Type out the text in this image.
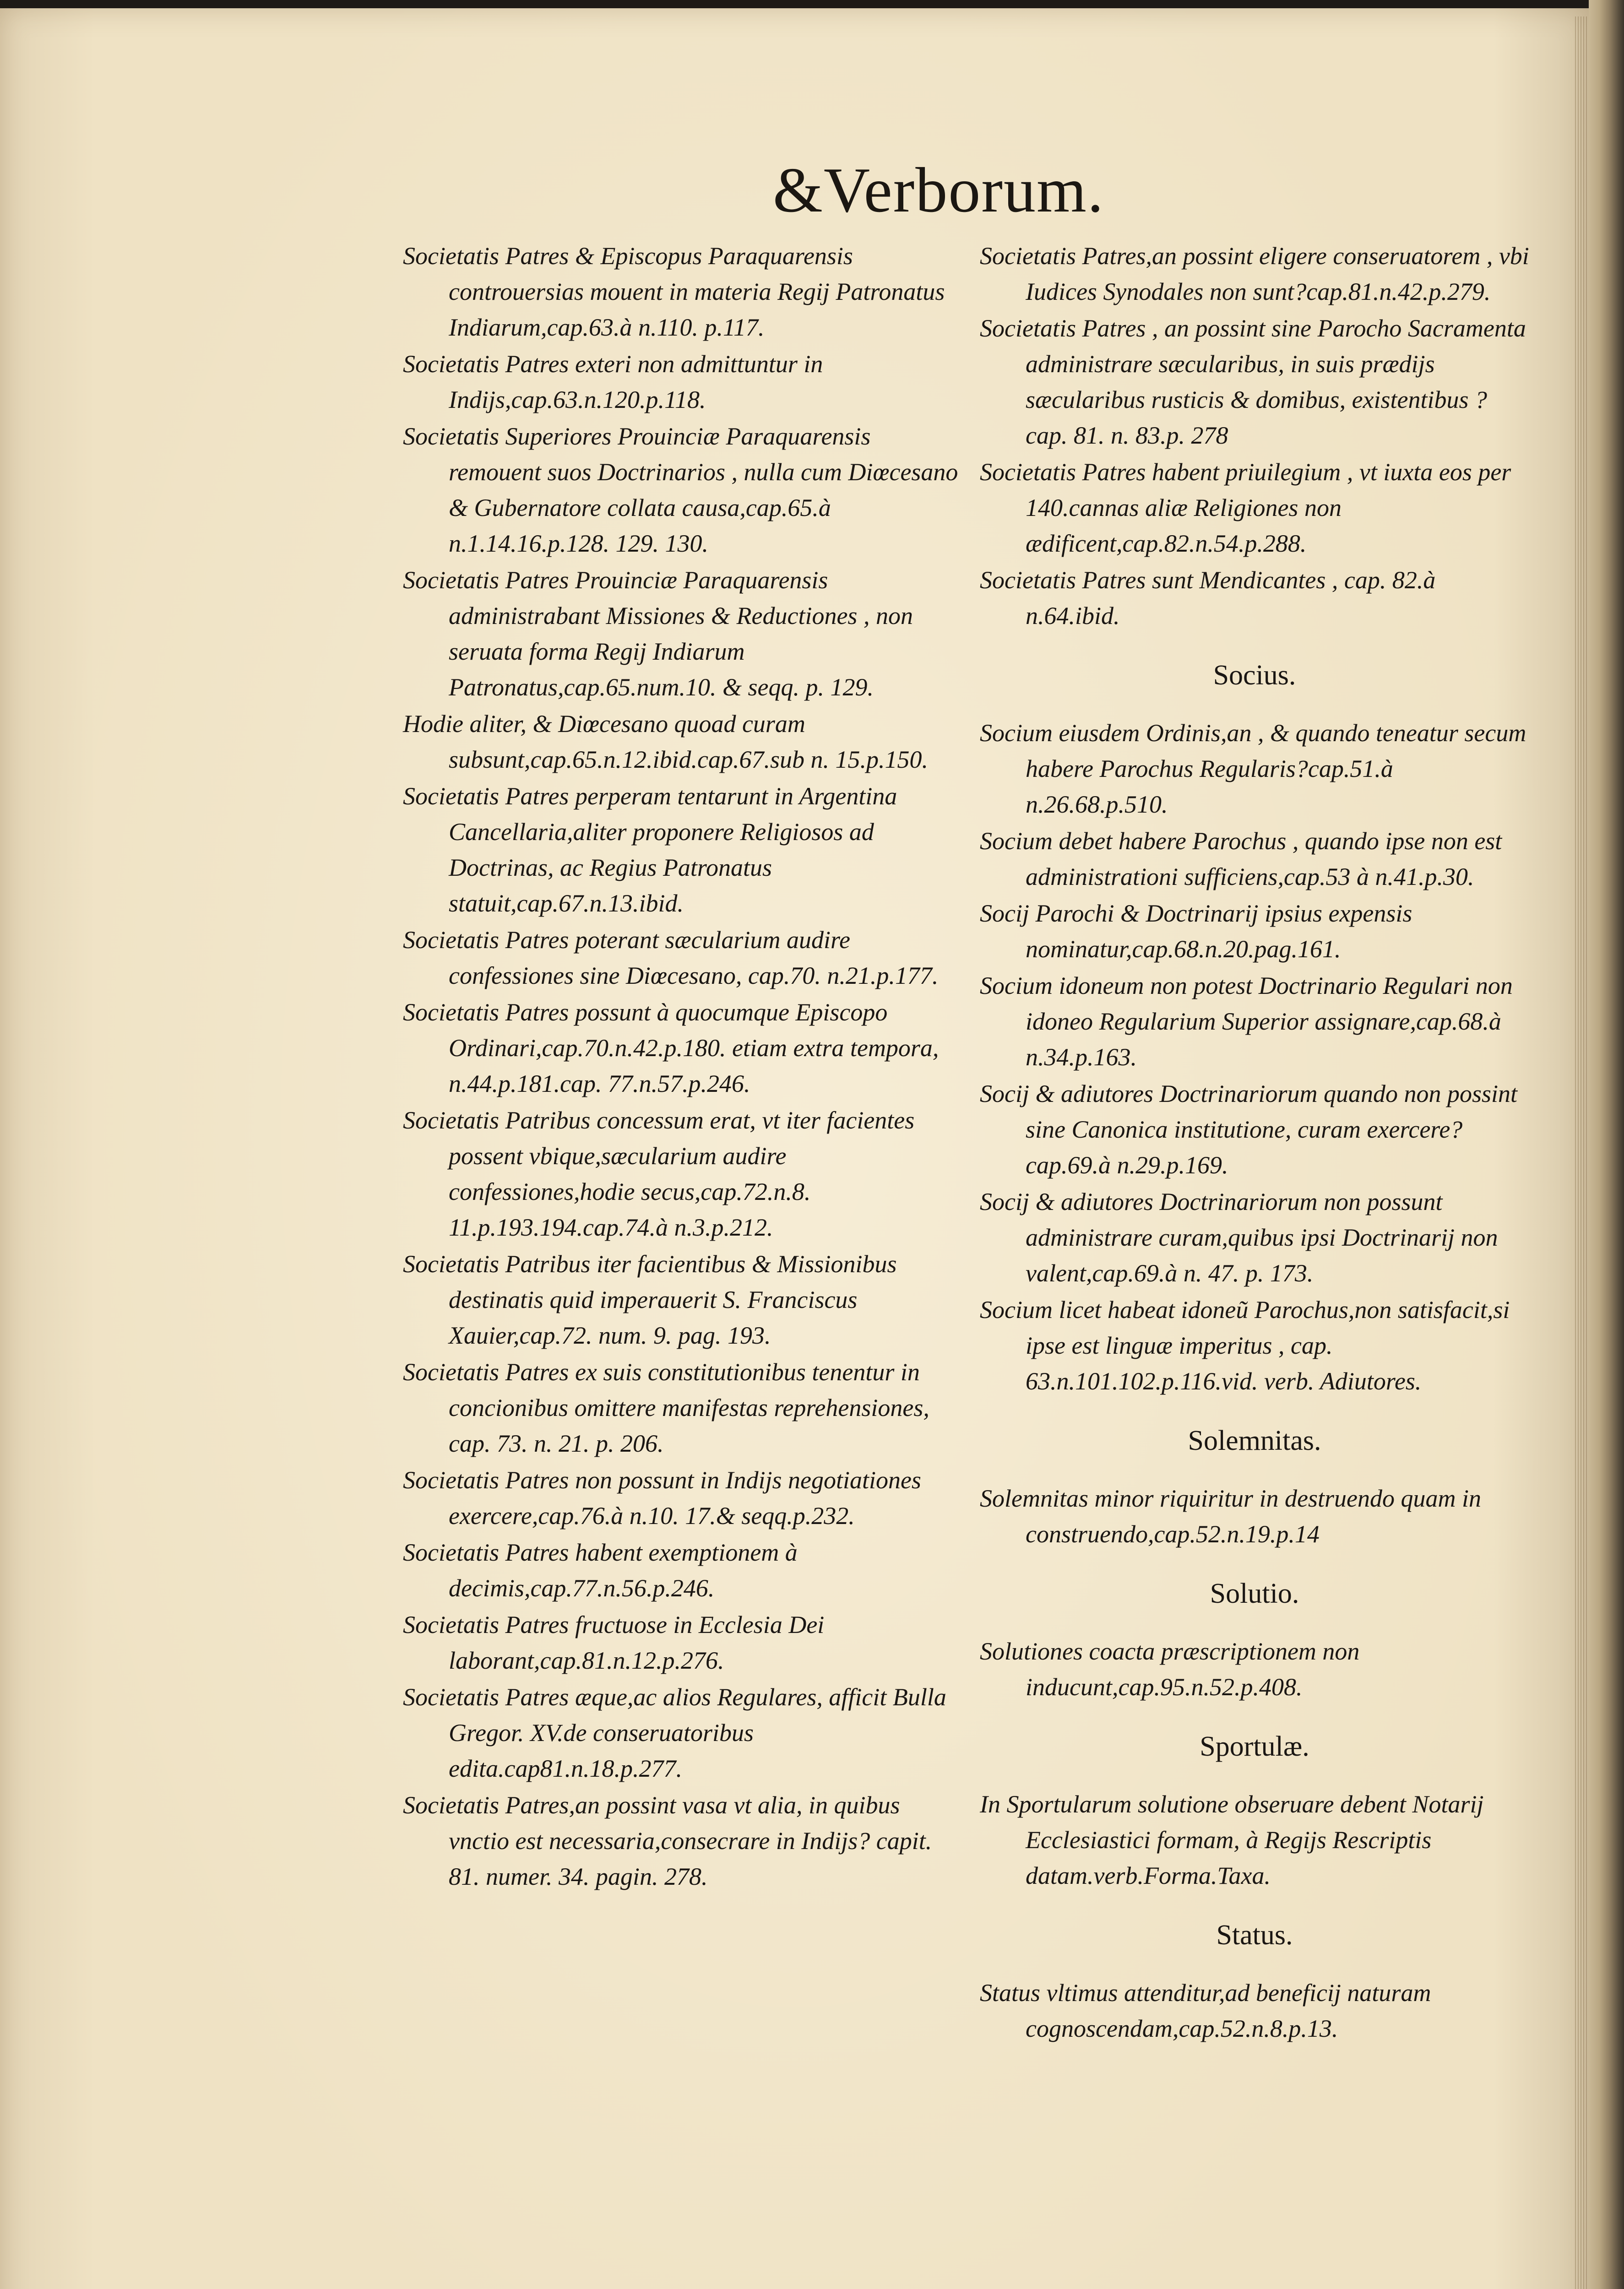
&Verborum.

Societatis Patres & Episcopus Paraquarensis controuersias mouent in materia Regij Patronatus Indiarum,cap.63.à n.110. p.117.

Societatis Patres exteri non admittuntur in Indijs,cap.63.n.120.p.118.

Societatis Superiores Prouinciæ Paraquarensis remouent suos Doctrinarios , nulla cum Diœcesano & Gubernatore collata causa,cap.65.à n.1.14.16.p.128. 129. 130.

Societatis Patres Prouinciæ Paraquarensis administrabant Missiones & Reductiones , non seruata forma Regij Indiarum Patronatus,cap.65.num.10. & seqq. p. 129.

Hodie aliter, & Diœcesano quoad curam subsunt,cap.65.n.12.ibid.cap.67.sub n. 15.p.150.

Societatis Patres perperam tentarunt in Argentina Cancellaria,aliter proponere Religiosos ad Doctrinas, ac Regius Patronatus statuit,cap.67.n.13.ibid.

Societatis Patres poterant sæcularium audire confessiones sine Diœcesano, cap.70. n.21.p.177.

Societatis Patres possunt à quocumque Episcopo Ordinari,cap.70.n.42.p.180. etiam extra tempora, n.44.p.181.cap. 77.n.57.p.246.

Societatis Patribus concessum erat, vt iter facientes possent vbique,sæcularium audire confessiones,hodie secus,cap.72.n.8. 11.p.193.194.cap.74.à n.3.p.212.

Societatis Patribus iter facientibus & Missionibus destinatis quid imperauerit S. Franciscus Xauier,cap.72. num. 9. pag. 193.

Societatis Patres ex suis constitutionibus tenentur in concionibus omittere manifestas reprehensiones, cap. 73. n. 21. p. 206.

Societatis Patres non possunt in Indijs negotiationes exercere,cap.76.à n.10. 17.& seqq.p.232.

Societatis Patres habent exemptionem à decimis,cap.77.n.56.p.246.

Societatis Patres fructuose in Ecclesia Dei laborant,cap.81.n.12.p.276.

Societatis Patres æque,ac alios Regulares, afficit Bulla Gregor. XV.de conseruatoribus edita.cap81.n.18.p.277.

Societatis Patres,an possint vasa vt alia, in quibus vnctio est necessaria,consecrare in Indijs? capit. 81. numer. 34. pagin. 278.

Societatis Patres,an possint eligere conseruatorem , vbi Iudices Synodales non sunt?cap.81.n.42.p.279.

Societatis Patres , an possint sine Parocho Sacramenta administrare sæcularibus, in suis prædijs sæcularibus rusticis & domibus, existentibus ? cap. 81. n. 83.p. 278

Societatis Patres habent priuilegium , vt iuxta eos per 140.cannas aliæ Religiones non ædificent,cap.82.n.54.p.288.

Societatis Patres sunt Mendicantes , cap. 82.à n.64.ibid.

Socius.

Socium eiusdem Ordinis,an , & quando teneatur secum habere Parochus Regularis?cap.51.à n.26.68.p.510.

Socium debet habere Parochus , quando ipse non est administrationi sufficiens,cap.53 à n.41.p.30.

Socij Parochi & Doctrinarij ipsius expensis nominatur,cap.68.n.20.pag.161.

Socium idoneum non potest Doctrinario Regulari non idoneo Regularium Superior assignare,cap.68.à n.34.p.163.

Socij & adiutores Doctrinariorum quando non possint sine Canonica institutione, curam exercere?cap.69.à n.29.p.169.

Socij & adiutores Doctrinariorum non possunt administrare curam,quibus ipsi Doctrinarij non valent,cap.69.à n. 47. p. 173.

Socium licet habeat idoneũ Parochus,non satisfacit,si ipse est linguæ imperitus , cap. 63.n.101.102.p.116.vid. verb. Adiutores.

Solemnitas.

Solemnitas minor riquiritur in destruendo quam in construendo,cap.52.n.19.p.14

Solutio.

Solutiones coacta præscriptionem non inducunt,cap.95.n.52.p.408.

Sportulæ.

In Sportularum solutione obseruare debent Notarij Ecclesiastici formam, à Regijs Rescriptis datam.verb.Forma.Taxa.

Status.

Status vltimus attenditur,ad beneficij naturam cognoscendam,cap.52.n.8.p.13.
